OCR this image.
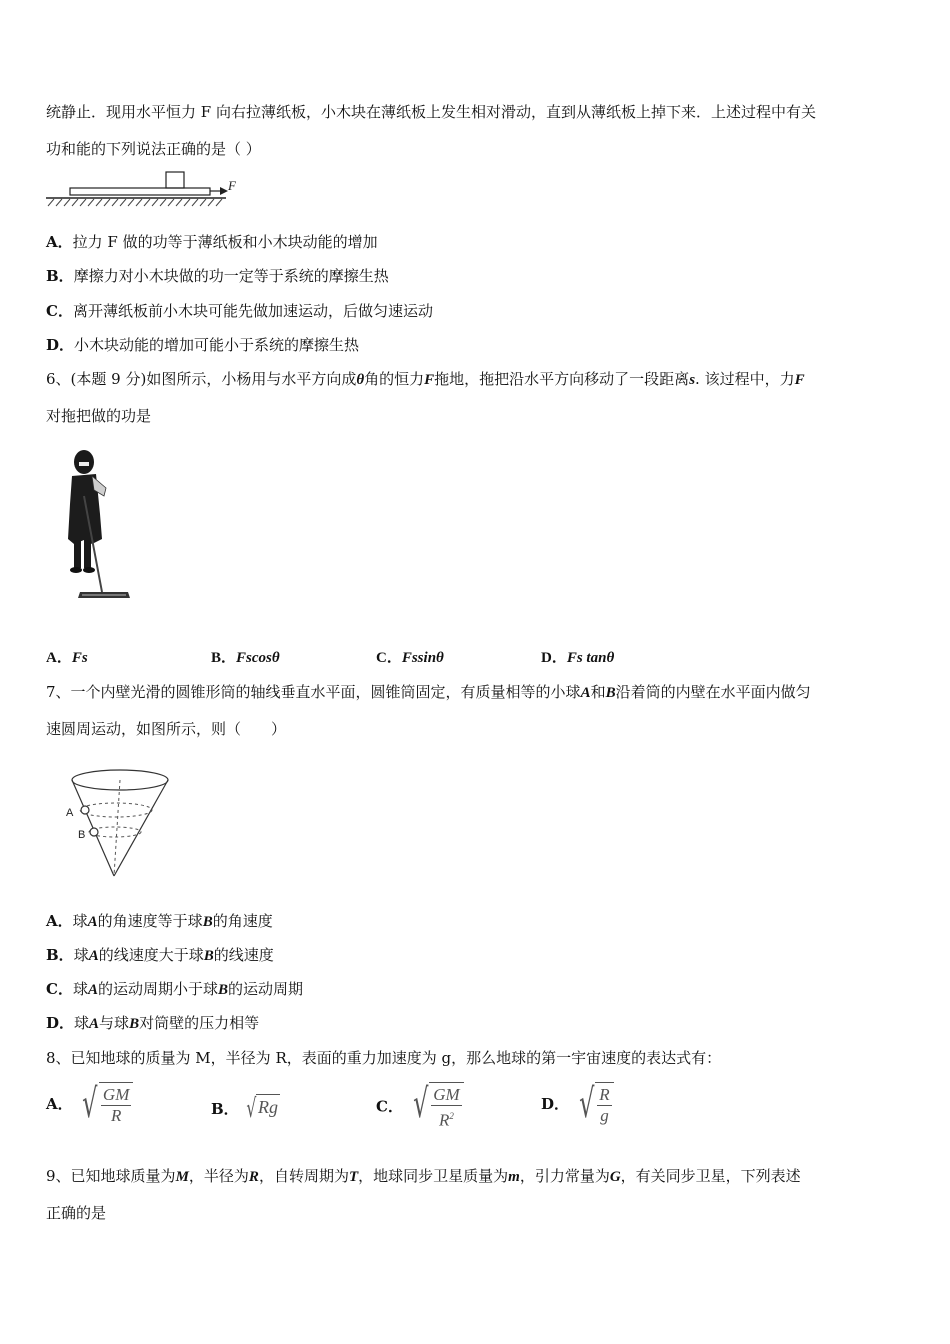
统静止．现用水平恒力 F 向右拉薄纸板，小木块在薄纸板上发生相对滑动，直到从薄纸板上掉下来．上述过程中有关
功和能的下列说法正确的是（ ）
F
A．拉力 F 做的功等于薄纸板和小木块动能的增加
B．摩擦力对小木块做的功一定等于系统的摩擦生热
C．离开薄纸板前小木块可能先做加速运动，后做匀速运动
D．小木块动能的增加可能小于系统的摩擦生热
6、(本题 9 分)如图所示，小杨用与水平方向成θ角的恒力F拖地，拖把沿水平方向移动了一段距离s. 该过程中，力F
对拖把做的功是
A．Fs	B．Fscosθ	C．Fssinθ	D．Fs tanθ
7、一个内壁光滑的圆锥形筒的轴线垂直水平面，圆锥筒固定，有质量相等的小球A和B沿着筒的内壁在水平面内做匀
速圆周运动，如图所示，则（　　）
A
B
A．球A的角速度等于球B的角速度
B．球A的线速度大于球B的线速度
C．球A的运动周期小于球B的运动周期
D．球A与球B对筒壁的压力相等
8、已知地球的质量为 M，半径为 R，表面的重力加速度为 g，那么地球的第一宇宙速度的表达式有：
A． √ $\frac{GM}{R}$	B． √ Rg	C． √ $\frac{GM}{R^2}$	D． √ $\frac{R}{g}$
9、已知地球质量为M，半径为R，自转周期为T，地球同步卫星质量为m，引力常量为G，有关同步卫星，下列表述
正确的是
